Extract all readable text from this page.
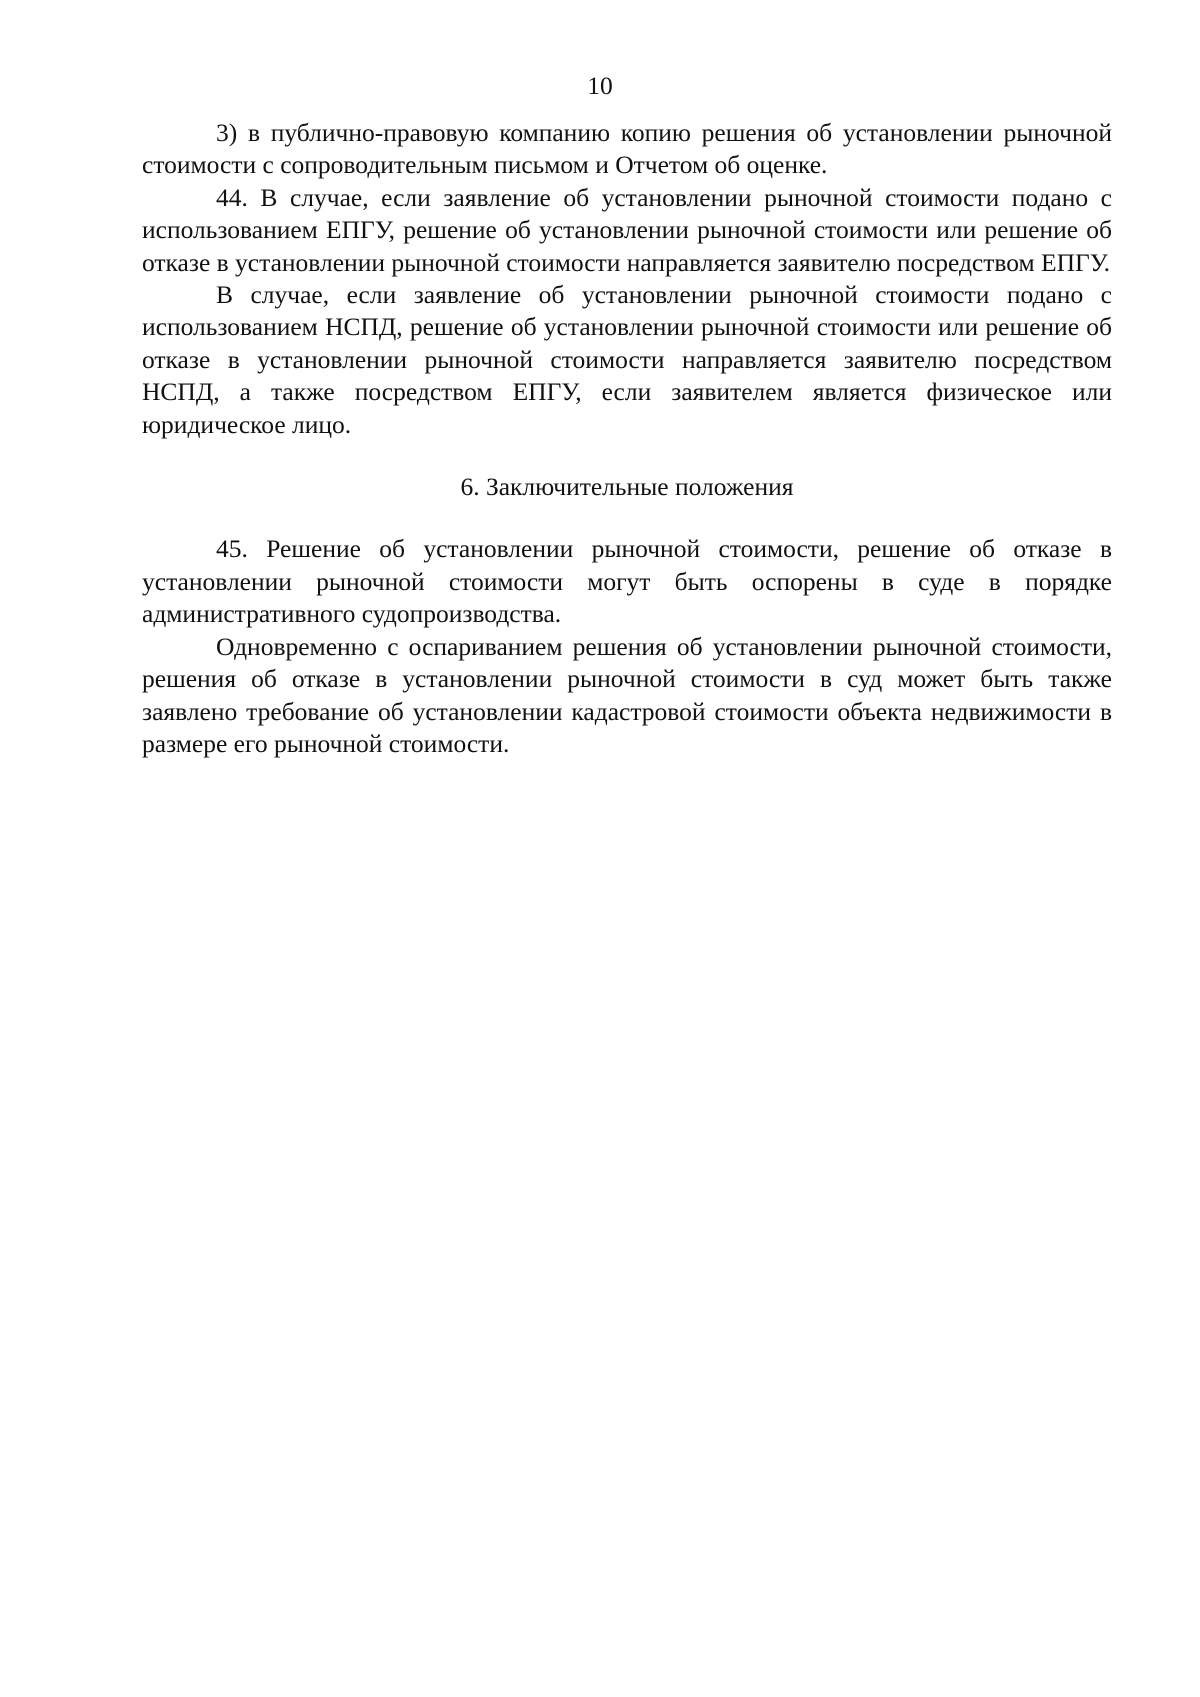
10

3) в публично-правовую компанию копию решения об установлении рыночной стоимости с сопроводительным письмом и Отчетом об оценке.

44. В случае, если заявление об установлении рыночной стоимости подано с использованием ЕПГУ, решение об установлении рыночной стоимости или решение об отказе в установлении рыночной стоимости направляется заявителю посредством ЕПГУ.

В случае, если заявление об установлении рыночной стоимости подано с использованием НСПД, решение об установлении рыночной стоимости или решение об отказе в установлении рыночной стоимости направляется заявителю посредством НСПД, а также посредством ЕПГУ, если заявителем является физическое или юридическое лицо.

6. Заключительные положения

45. Решение об установлении рыночной стоимости, решение об отказе в установлении рыночной стоимости могут быть оспорены в суде в порядке административного судопроизводства.

Одновременно с оспариванием решения об установлении рыночной стоимости, решения об отказе в установлении рыночной стоимости в суд может быть также заявлено требование об установлении кадастровой стоимости объекта недвижимости в размере его рыночной стоимости.
